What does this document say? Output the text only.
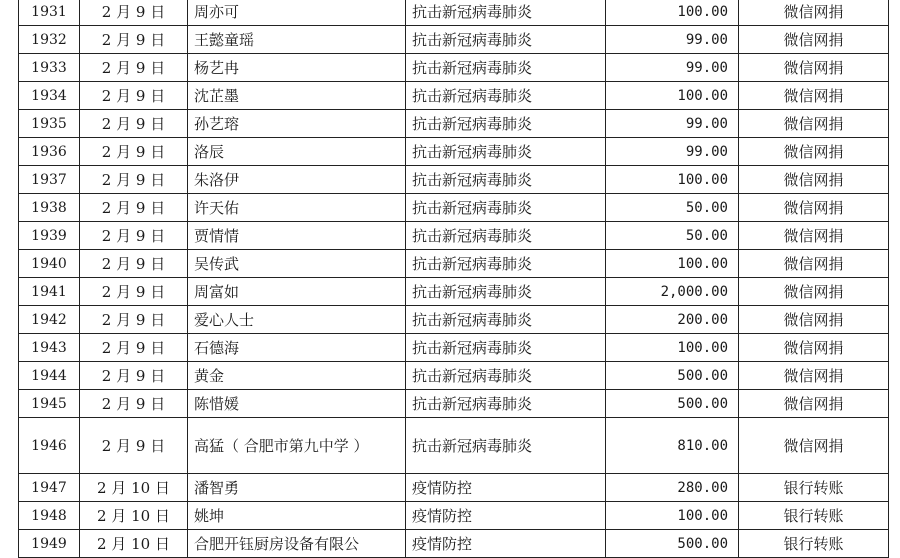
1931	2 月 9 日	周亦可	抗击新冠病毒肺炎	100.00	微信网捐
1932	2 月 9 日	王懿童瑶	抗击新冠病毒肺炎	99.00	微信网捐
1933	2 月 9 日	杨艺冉	抗击新冠病毒肺炎	99.00	微信网捐
1934	2 月 9 日	沈芷墨	抗击新冠病毒肺炎	100.00	微信网捐
1935	2 月 9 日	孙艺瑢	抗击新冠病毒肺炎	99.00	微信网捐
1936	2 月 9 日	洛辰	抗击新冠病毒肺炎	99.00	微信网捐
1937	2 月 9 日	朱洛伊	抗击新冠病毒肺炎	100.00	微信网捐
1938	2 月 9 日	许天佑	抗击新冠病毒肺炎	50.00	微信网捐
1939	2 月 9 日	贾情情	抗击新冠病毒肺炎	50.00	微信网捐
1940	2 月 9 日	吴传武	抗击新冠病毒肺炎	100.00	微信网捐
1941	2 月 9 日	周富如	抗击新冠病毒肺炎	2,000.00	微信网捐
1942	2 月 9 日	爱心人士	抗击新冠病毒肺炎	200.00	微信网捐
1943	2 月 9 日	石德海	抗击新冠病毒肺炎	100.00	微信网捐
1944	2 月 9 日	黄金	抗击新冠病毒肺炎	500.00	微信网捐
1945	2 月 9 日	陈惜媛	抗击新冠病毒肺炎	500.00	微信网捐
1946	2 月 9 日	高猛（ 合肥市第九中学 ）	抗击新冠病毒肺炎	810.00	微信网捐
1947	2 月 10 日	潘智勇	疫情防控	280.00	银行转账
1948	2 月 10 日	姚坤	疫情防控	100.00	银行转账
1949	2 月 10 日	合肥开钰厨房设备有限公	疫情防控	500.00	银行转账
